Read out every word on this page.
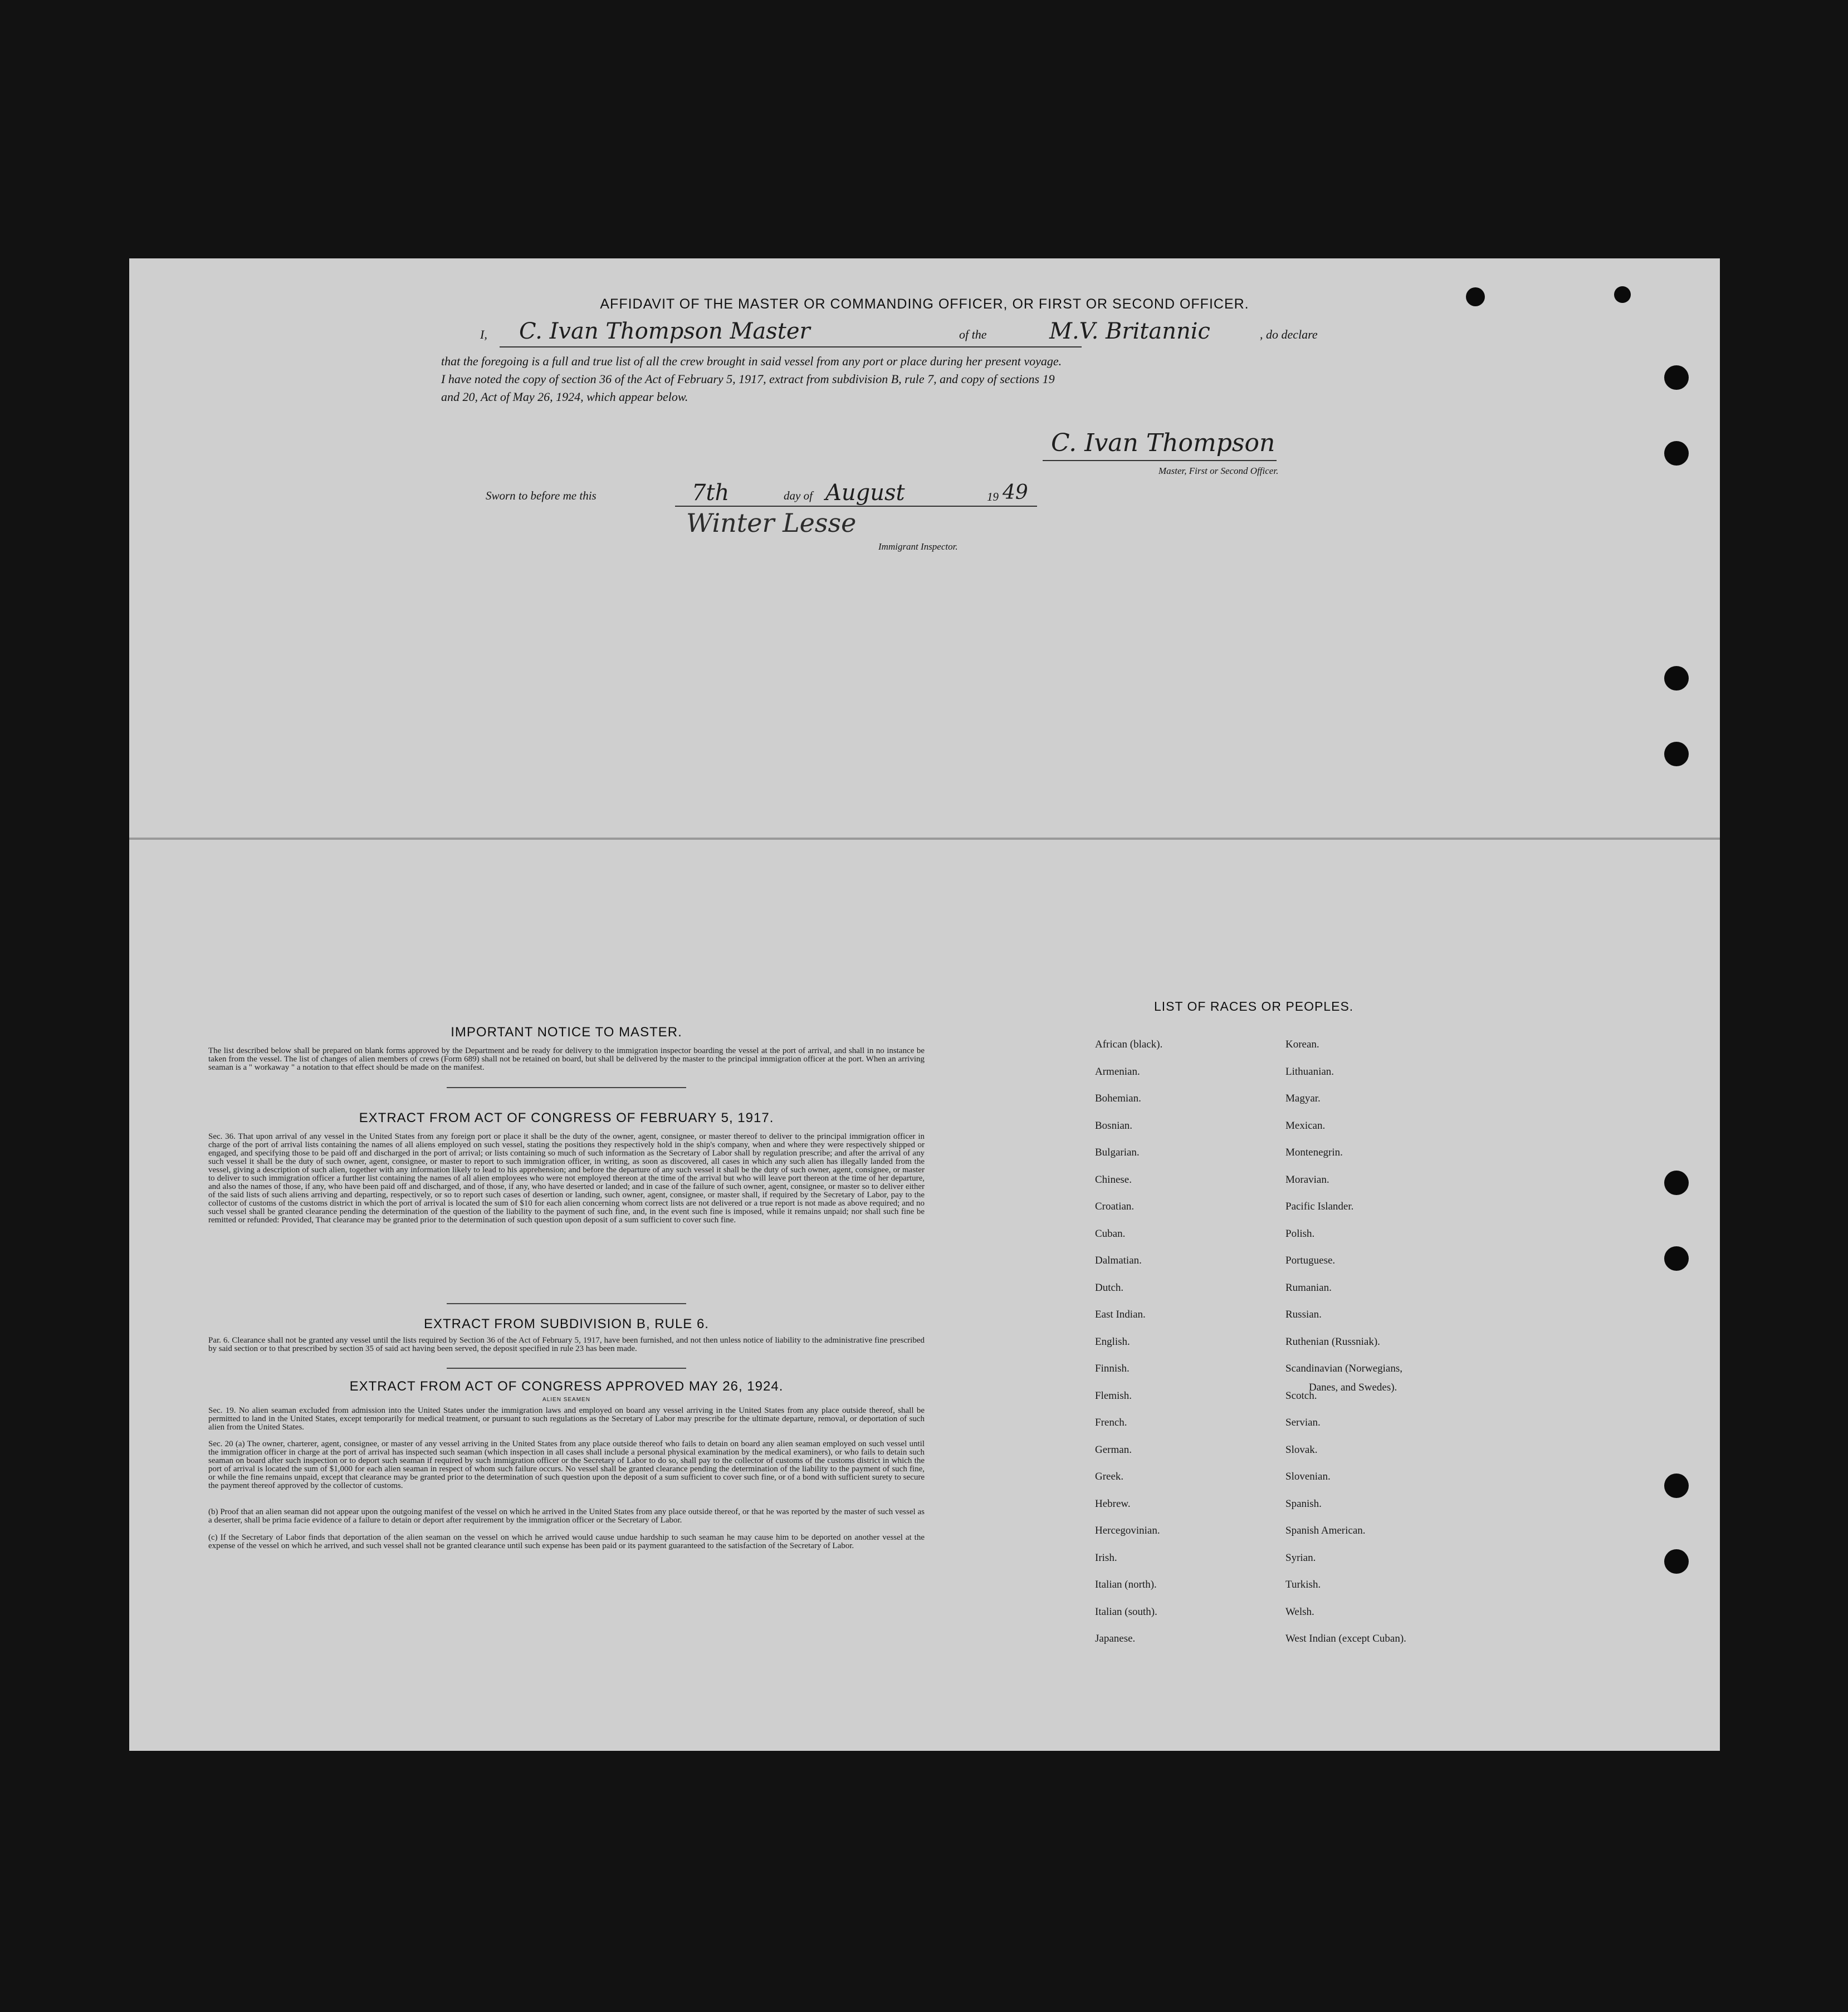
AFFIDAVIT OF THE MASTER OR COMMANDING OFFICER, OR FIRST OR SECOND OFFICER.
I, C. Ivan Thompson Master	of the	M.V. Britannic	, do declare
that the foregoing is a full and true list of all the crew brought in said vessel from any port or place during her present voyage.
I have noted the copy of section 36 of the Act of February 5, 1917, extract from subdivision B, rule 7, and copy of sections 19
and 20, Act of May 26, 1924, which appear below.
C. Ivan Thompson
Master, First or Second Officer.
Sworn to before me this	7th	day of August	19 49
Winter Lesse
Immigrant Inspector.
IMPORTANT NOTICE TO MASTER.
The list described below shall be prepared on blank forms approved by the Department and be ready for delivery to the immigration inspector boarding the vessel at the port of arrival, and shall in no instance be taken from the vessel. The list of changes of alien members of crews (Form 689) shall not be retained on board, but shall be delivered by the master to the principal immigration officer at the port. When an arriving seaman is a " workaway " a notation to that effect should be made on the manifest.
EXTRACT FROM ACT OF CONGRESS OF FEBRUARY 5, 1917.
Sec. 36. That upon arrival of any vessel in the United States from any foreign port or place it shall be the duty of the owner, agent, consignee, or master thereof to deliver to the principal immigration officer in charge of the port of arrival lists containing the names of all aliens employed on such vessel, stating the positions they respectively hold in the ship's company, when and where they were respectively shipped or engaged, and specifying those to be paid off and discharged in the port of arrival; or lists containing so much of such information as the Secretary of Labor shall by regulation prescribe; and after the arrival of any such vessel it shall be the duty of such owner, agent, consignee, or master to report to such immigration officer, in writing, as soon as discovered, all cases in which any such alien has illegally landed from the vessel, giving a description of such alien, together with any information likely to lead to his apprehension; and before the departure of any such vessel it shall be the duty of such owner, agent, consignee, or master to deliver to such immigration officer a further list containing the names of all alien employees who were not employed thereon at the time of the arrival but who will leave port thereon at the time of her departure, and also the names of those, if any, who have been paid off and discharged, and of those, if any, who have deserted or landed; and in case of the failure of such owner, agent, consignee, or master so to deliver either of the said lists of such aliens arriving and departing, respectively, or so to report such cases of desertion or landing, such owner, agent, consignee, or master shall, if required by the Secretary of Labor, pay to the collector of customs of the customs district in which the port of arrival is located the sum of $10 for each alien concerning whom correct lists are not delivered or a true report is not made as above required; and no such vessel shall be granted clearance pending the determination of the question of the liability to the payment of such fine, and, in the event such fine is imposed, while it remains unpaid; nor shall such fine be remitted or refunded: Provided, That clearance may be granted prior to the determination of such question upon deposit of a sum sufficient to cover such fine.
EXTRACT FROM SUBDIVISION B, RULE 6.
Par. 6. Clearance shall not be granted any vessel until the lists required by Section 36 of the Act of February 5, 1917, have been furnished, and not then unless notice of liability to the administrative fine prescribed by said section or to that prescribed by section 35 of said act having been served, the deposit specified in rule 23 has been made.
EXTRACT FROM ACT OF CONGRESS APPROVED MAY 26, 1924.
ALIEN SEAMEN
Sec. 19. No alien seaman excluded from admission into the United States under the immigration laws and employed on board any vessel arriving in the United States from any place outside thereof, shall be permitted to land in the United States, except temporarily for medical treatment, or pursuant to such regulations as the Secretary of Labor may prescribe for the ultimate departure, removal, or deportation of such alien from the United States.
Sec. 20 (a) The owner, charterer, agent, consignee, or master of any vessel arriving in the United States from any place outside thereof who fails to detain on board any alien seaman employed on such vessel until the immigration officer in charge at the port of arrival has inspected such seaman (which inspection in all cases shall include a personal physical examination by the medical examiners), or who fails to detain such seaman on board after such inspection or to deport such seaman if required by such immigration officer or the Secretary of Labor to do so, shall pay to the collector of customs of the customs district in which the port of arrival is located the sum of $1,000 for each alien seaman in respect of whom such failure occurs. No vessel shall be granted clearance pending the determination of the liability to the payment of such fine, or while the fine remains unpaid, except that clearance may be granted prior to the determination of such question upon the deposit of a sum sufficient to cover such fine, or of a bond with sufficient surety to secure the payment thereof approved by the collector of customs.
(b) Proof that an alien seaman did not appear upon the outgoing manifest of the vessel on which he arrived in the United States from any place outside thereof, or that he was reported by the master of such vessel as a deserter, shall be prima facie evidence of a failure to detain or deport after requirement by the immigration officer or the Secretary of Labor.
(c) If the Secretary of Labor finds that deportation of the alien seaman on the vessel on which he arrived would cause undue hardship to such seaman he may cause him to be deported on another vessel at the expense of the vessel on which he arrived, and such vessel shall not be granted clearance until such expense has been paid or its payment guaranteed to the satisfaction of the Secretary of Labor.
LIST OF RACES OR PEOPLES.
Danes, and Swedes).
African (black).
Armenian.
Bohemian.
Bosnian.
Bulgarian.
Chinese.
Croatian.
Cuban.
Dalmatian.
Dutch.
East Indian.
English.
Finnish.
Flemish.
French.
German.
Greek.
Hebrew.
Hercegovinian.
Irish.
Italian (north).
Italian (south).
Japanese.
Korean.
Lithuanian.
Magyar.
Mexican.
Montenegrin.
Moravian.
Pacific Islander.
Polish.
Portuguese.
Rumanian.
Russian.
Ruthenian (Russniak).
Scandinavian (Norwegians,
Scotch.
Servian.
Slovak.
Slovenian.
Spanish.
Spanish American.
Syrian.
Turkish.
Welsh.
West Indian (except Cuban).
